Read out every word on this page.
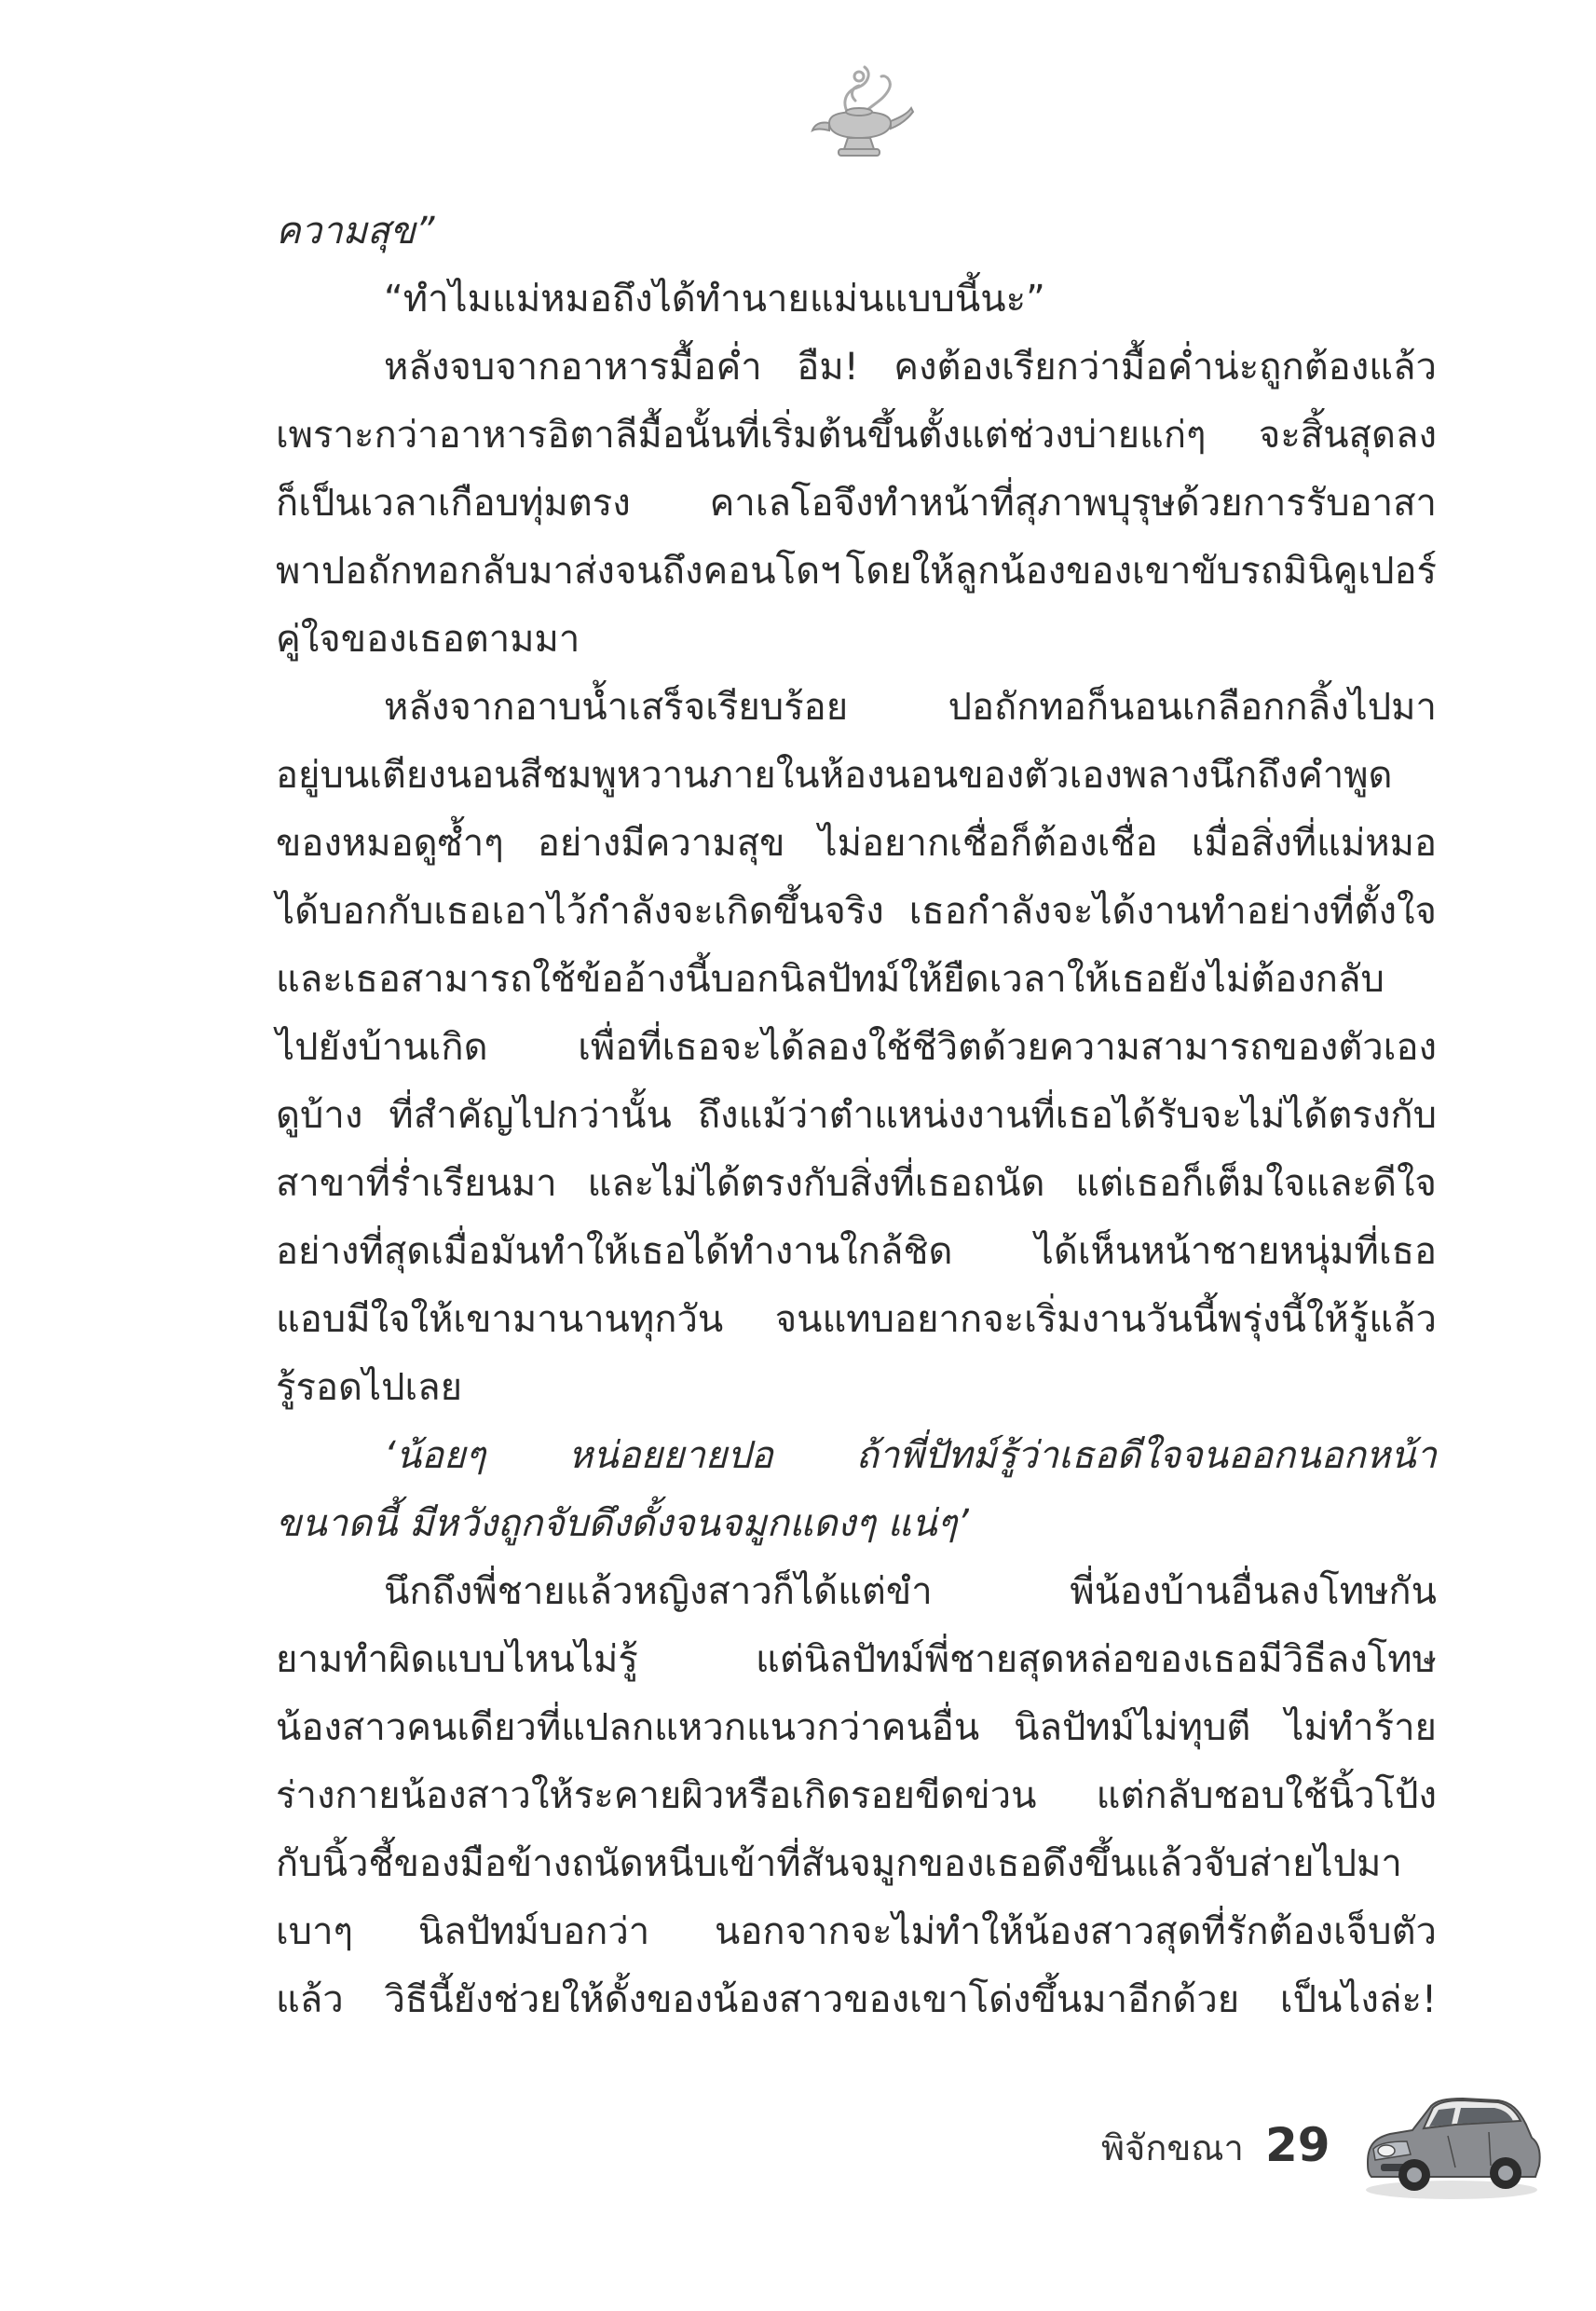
ความสุข”
“ทำไมแม่หมอถึงได้ทำนายแม่นแบบนี้นะ”
หลังจบจากอาหารมื้อค่ำ อืม! คงต้องเรียกว่ามื้อค่ำน่ะถูกต้องแล้ว
เพราะกว่าอาหารอิตาลีมื้อนั้นที่เริ่มต้นขึ้นตั้งแต่ช่วงบ่ายแก่ๆ จะสิ้นสุดลง
ก็เป็นเวลาเกือบทุ่มตรง คาเลโอจึงทำหน้าที่สุภาพบุรุษด้วยการรับอาสา
พาปอถักทอกลับมาส่งจนถึงคอนโดฯ โดยให้ลูกน้องของเขาขับรถมินิคูเปอร์
คู่ใจของเธอตามมา
หลังจากอาบน้ำเสร็จเรียบร้อย	ปอถักทอก็นอนเกลือกกลิ้งไปมา
อยู่บนเตียงนอนสีชมพูหวานภายในห้องนอนของตัวเองพลางนึกถึงคำพูด
ของหมอดูซ้ำๆ อย่างมีความสุข ไม่อยากเชื่อก็ต้องเชื่อ เมื่อสิ่งที่แม่หมอ
ได้บอกกับเธอเอาไว้กำลังจะเกิดขึ้นจริง เธอกำลังจะได้งานทำอย่างที่ตั้งใจ
และเธอสามารถใช้ข้ออ้างนี้บอกนิลปัทม์ให้ยืดเวลาให้เธอยังไม่ต้องกลับ
ไปยังบ้านเกิด เพื่อที่เธอจะได้ลองใช้ชีวิตด้วยความสามารถของตัวเอง
ดูบ้าง ที่สำคัญไปกว่านั้น ถึงแม้ว่าตำแหน่งงานที่เธอได้รับจะไม่ได้ตรงกับ
สาขาที่ร่ำเรียนมา และไม่ได้ตรงกับสิ่งที่เธอถนัด แต่เธอก็เต็มใจและดีใจ
อย่างที่สุดเมื่อมันทำให้เธอได้ทำงานใกล้ชิด ได้เห็นหน้าชายหนุ่มที่เธอ
แอบมีใจให้เขามานานทุกวัน จนแทบอยากจะเริ่มงานวันนี้พรุ่งนี้ให้รู้แล้ว
รู้รอดไปเลย
‘น้อยๆ หน่อยยายปอ ถ้าพี่ปัทม์รู้ว่าเธอดีใจจนออกนอกหน้า
ขนาดนี้ มีหวังถูกจับดึงดั้งจนจมูกแดงๆ แน่ๆ’
นึกถึงพี่ชายแล้วหญิงสาวก็ได้แต่ขำ	พี่น้องบ้านอื่นลงโทษกัน
ยามทำผิดแบบไหนไม่รู้	แต่นิลปัทม์พี่ชายสุดหล่อของเธอมีวิธีลงโทษ
น้องสาวคนเดียวที่แปลกแหวกแนวกว่าคนอื่น นิลปัทม์ไม่ทุบตี ไม่ทำร้าย
ร่างกายน้องสาวให้ระคายผิวหรือเกิดรอยขีดข่วน แต่กลับชอบใช้นิ้วโป้ง
กับนิ้วชี้ของมือข้างถนัดหนีบเข้าที่สันจมูกของเธอดึงขึ้นแล้วจับส่ายไปมา
เบาๆ นิลปัทม์บอกว่า นอกจากจะไม่ทำให้น้องสาวสุดที่รักต้องเจ็บตัว
แล้ว วิธีนี้ยังช่วยให้ดั้งของน้องสาวของเขาโด่งขึ้นมาอีกด้วย เป็นไงล่ะ!
พิจักขณา 29
